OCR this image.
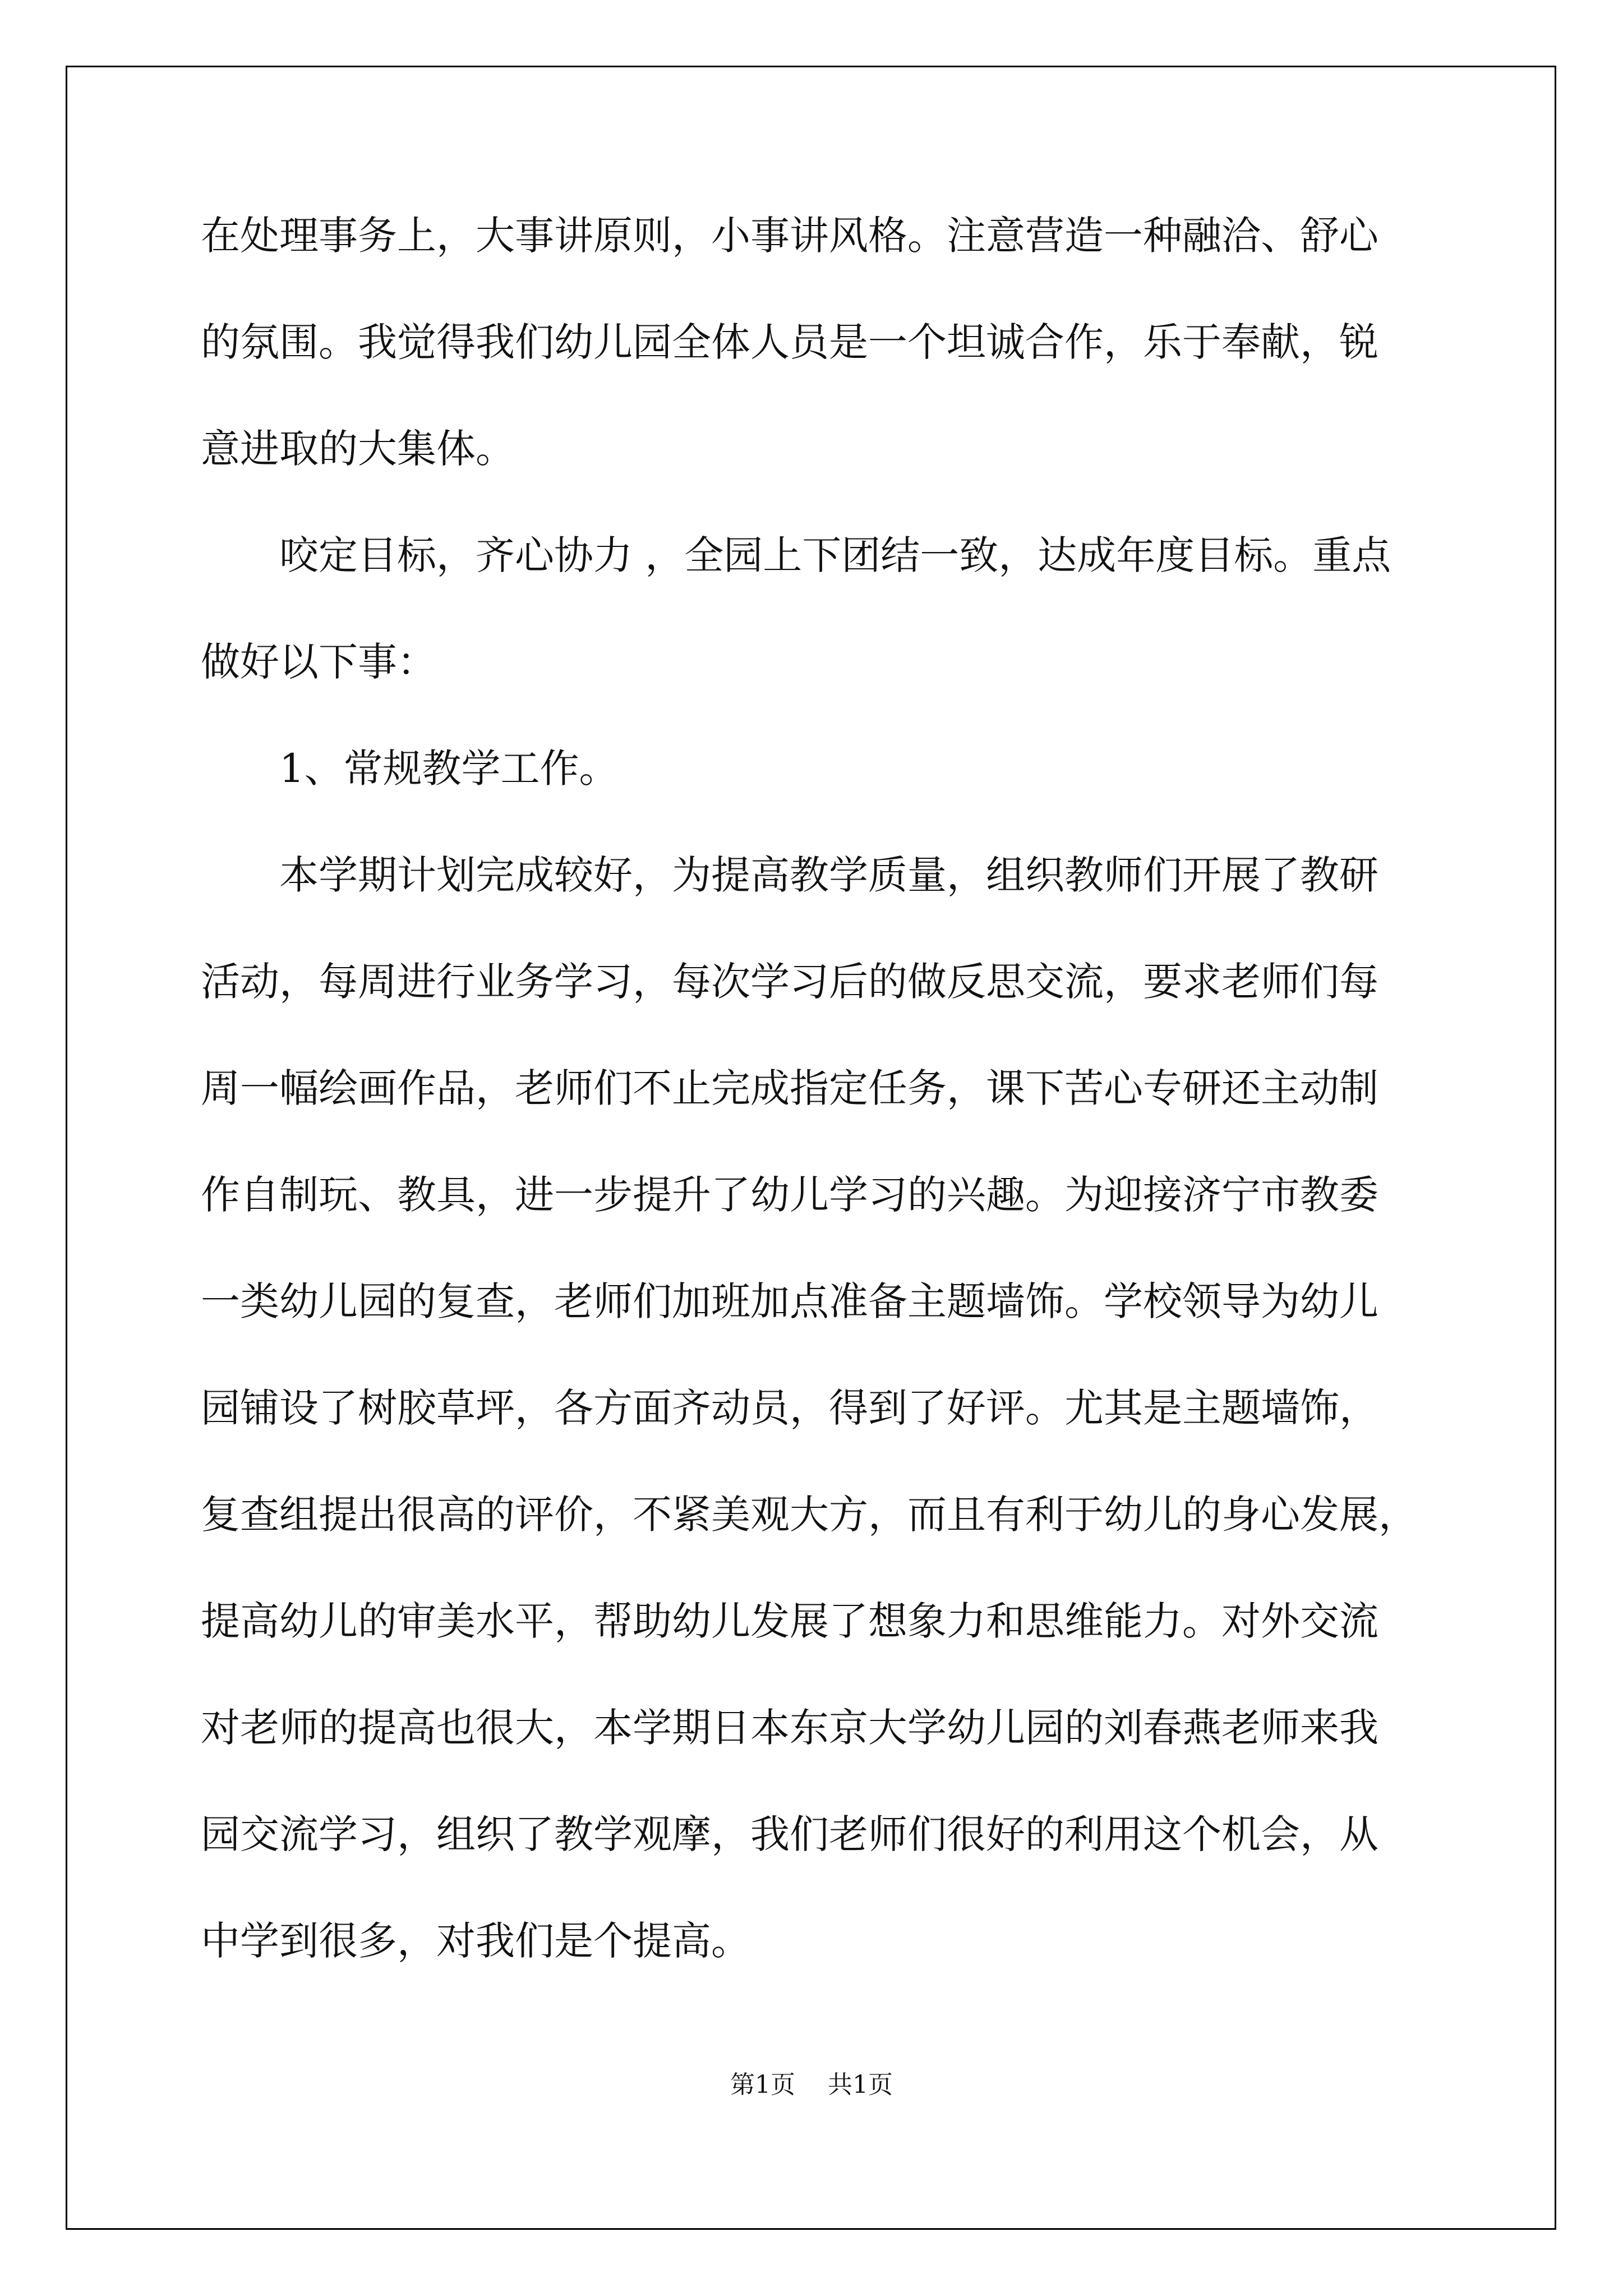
在处理事务上，大事讲原则，小事讲风格。注意营造一种融洽、舒心
的氛围。我觉得我们幼儿园全体人员是一个坦诚合作，乐于奉献，锐
意进取的大集体。
咬定目标，齐心协力 ，全园上下团结一致，达成年度目标。重点
做好以下事：
1、常规教学工作。
本学期计划完成较好，为提高教学质量，组织教师们开展了教研
活动，每周进行业务学习，每次学习后的做反思交流，要求老师们每
周一幅绘画作品，老师们不止完成指定任务，课下苦心专研还主动制
作自制玩、教具，进一步提升了幼儿学习的兴趣。为迎接济宁市教委
一类幼儿园的复查，老师们加班加点准备主题墙饰。学校领导为幼儿
园铺设了树胶草坪，各方面齐动员，得到了好评。尤其是主题墙饰，
复查组提出很高的评价，不紧美观大方，而且有利于幼儿的身心发展，
提高幼儿的审美水平，帮助幼儿发展了想象力和思维能力。对外交流
对老师的提高也很大，本学期日本东京大学幼儿园的刘春燕老师来我
园交流学习，组织了教学观摩，我们老师们很好的利用这个机会，从
中学到很多，对我们是个提高。
第1页 共1页
